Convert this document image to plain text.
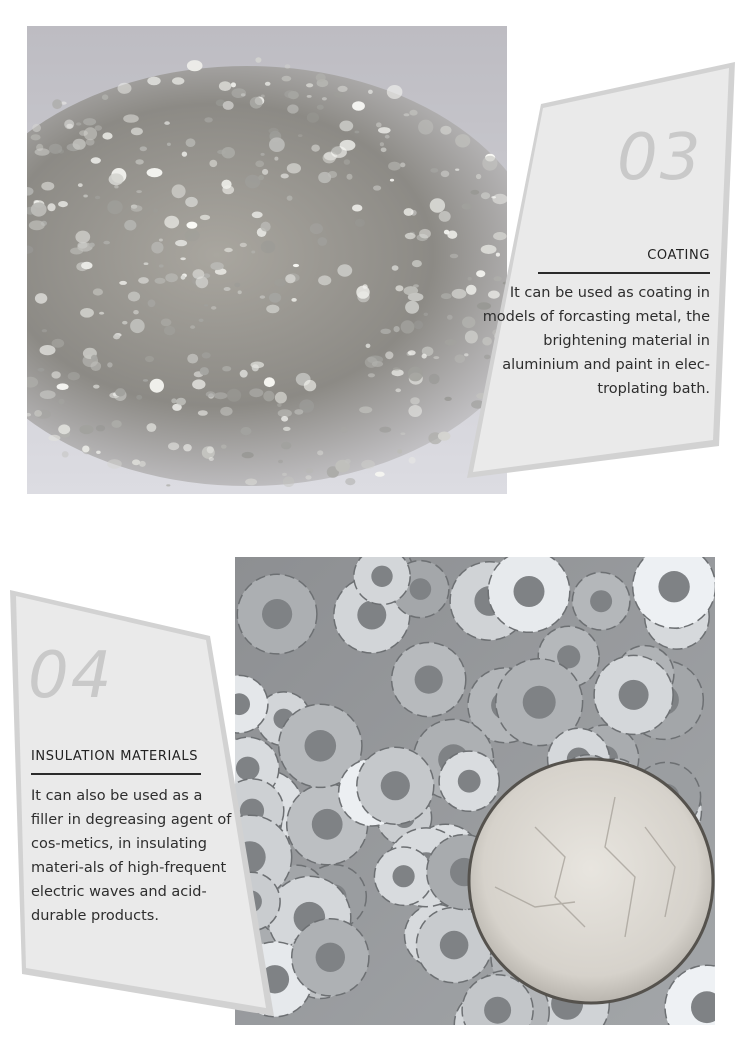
03
COATING
It can be used as coating in models of forcasting metal, the brightening material in aluminium and paint in elec-troplating bath.
04
INSULATION MATERIALS
It can also be used as a filler in degreasing agent of cos-metics, in insulating materi-als of high-frequent electric waves and acid-durable products.
